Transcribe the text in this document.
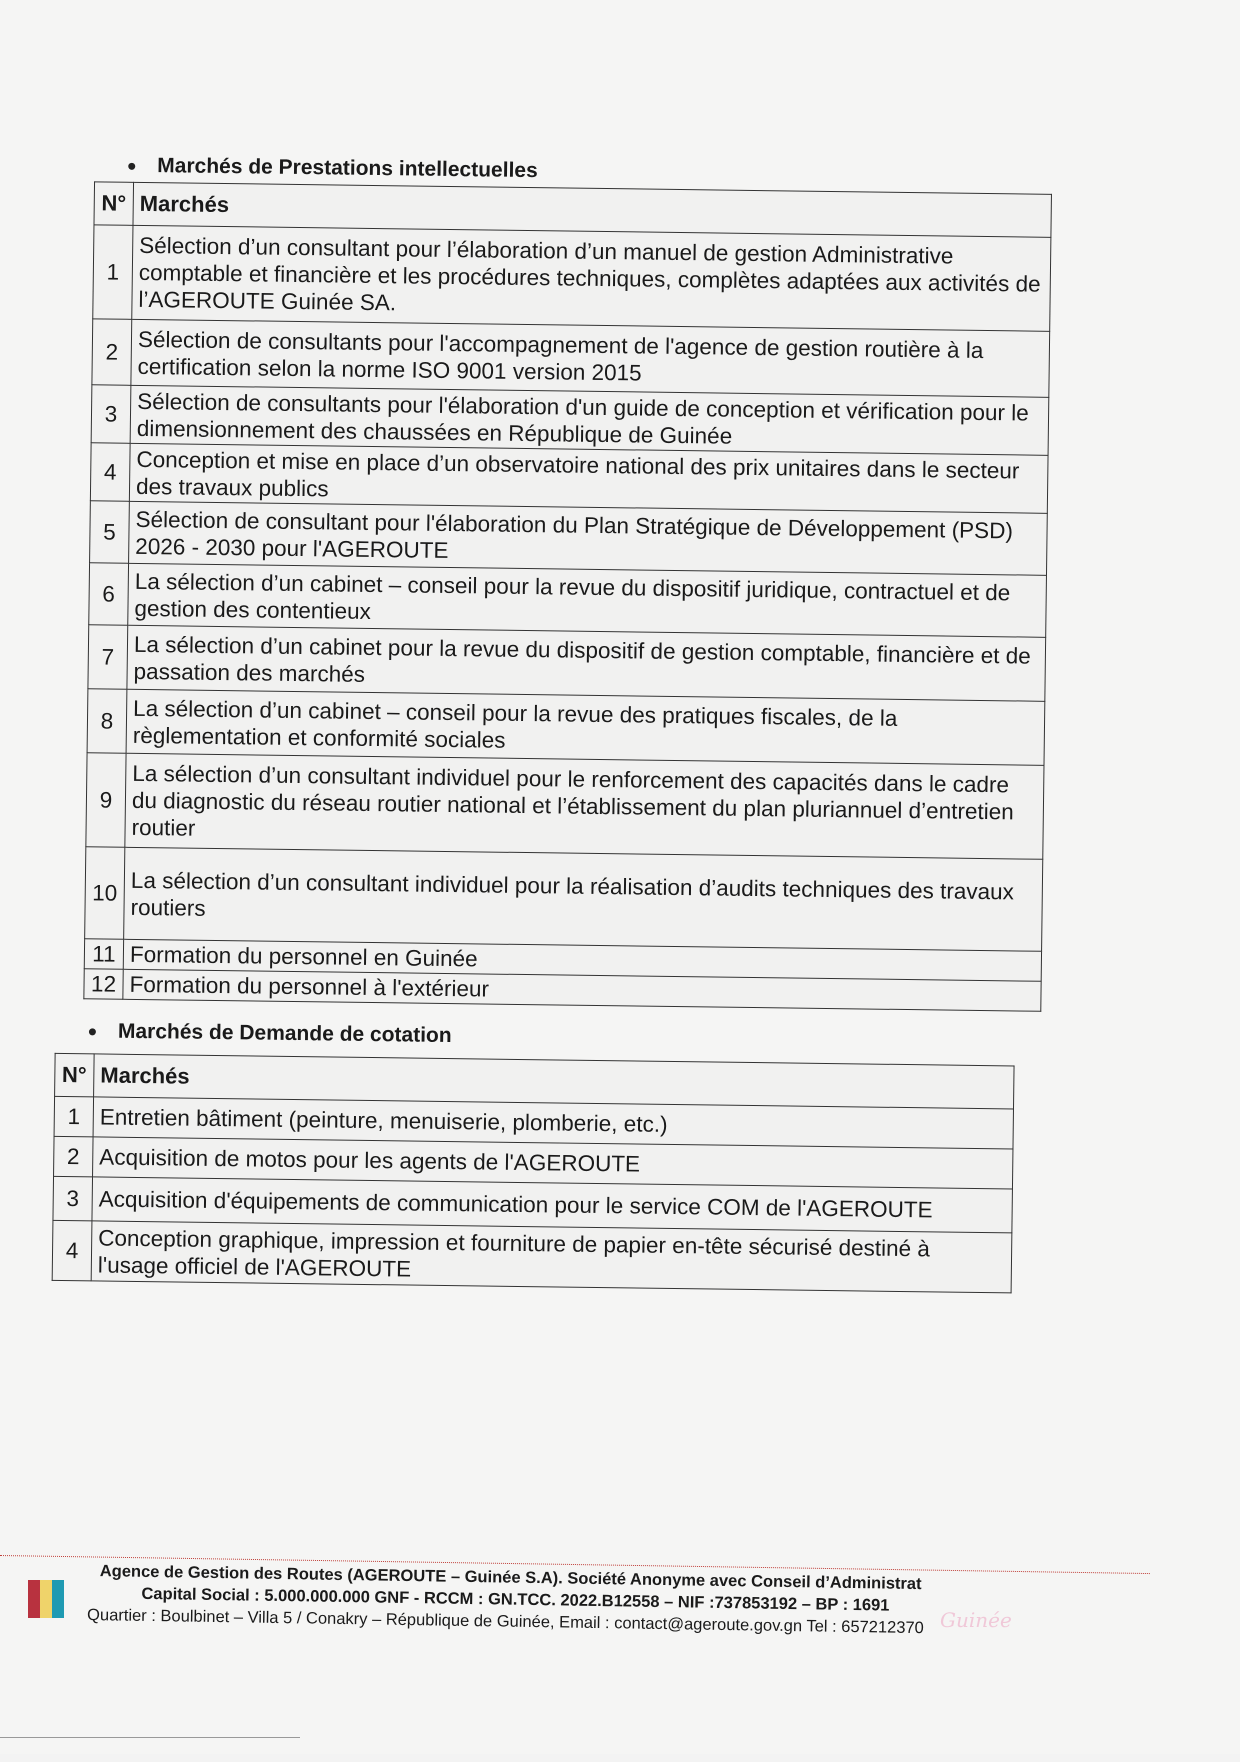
Marchés de Prestations intellectuelles
N°	Marchés
1	Sélection d’un consultant pour l’élaboration d’un manuel de gestion Administrative comptable et financière et les procédures techniques, complètes adaptées aux activités de l’AGEROUTE Guinée SA.
2	Sélection de consultants pour l'accompagnement de l'agence de gestion routière à la certification selon la norme ISO 9001 version 2015
3	Sélection de consultants pour l'élaboration d'un guide de conception et vérification pour le dimensionnement des chaussées en République de Guinée
4	Conception et mise en place d’un observatoire national des prix unitaires dans le secteur des travaux publics
5	Sélection de consultant pour l'élaboration du Plan Stratégique de Développement (PSD) 2026 - 2030 pour l'AGEROUTE
6	La sélection d’un cabinet – conseil pour la revue du dispositif juridique, contractuel et de gestion des contentieux
7	La sélection d’un cabinet pour la revue du dispositif de gestion comptable, financière et de passation des marchés
8	La sélection d’un cabinet – conseil pour la revue des pratiques fiscales, de la règlementation et conformité sociales
9	La sélection d’un consultant individuel pour le renforcement des capacités dans le cadre du diagnostic du réseau routier national et l’établissement du plan pluriannuel d’entretien routier
10	La sélection d’un consultant individuel pour la réalisation d’audits techniques des travaux routiers
11	Formation du personnel en Guinée
12	Formation du personnel à l'extérieur
Marchés de Demande de cotation
N°	Marchés
1	Entretien bâtiment (peinture, menuiserie, plomberie, etc.)
2	Acquisition de motos pour les agents de l'AGEROUTE
3	Acquisition d'équipements de communication pour le service COM de l'AGEROUTE
4	Conception graphique, impression et fourniture de papier en-tête sécurisé destiné à l'usage officiel de l'AGEROUTE
Agence de Gestion des Routes (AGEROUTE – Guinée S.A). Société Anonyme avec Conseil d’Administrat
Capital Social : 5.000.000.000 GNF - RCCM : GN.TCC. 2022.B12558 – NIF :737853192 – BP : 1691
Quartier : Boulbinet – Villa 5 / Conakry – République de Guinée, Email : contact@ageroute.gov.gn Tel : 657212370 Guinée
